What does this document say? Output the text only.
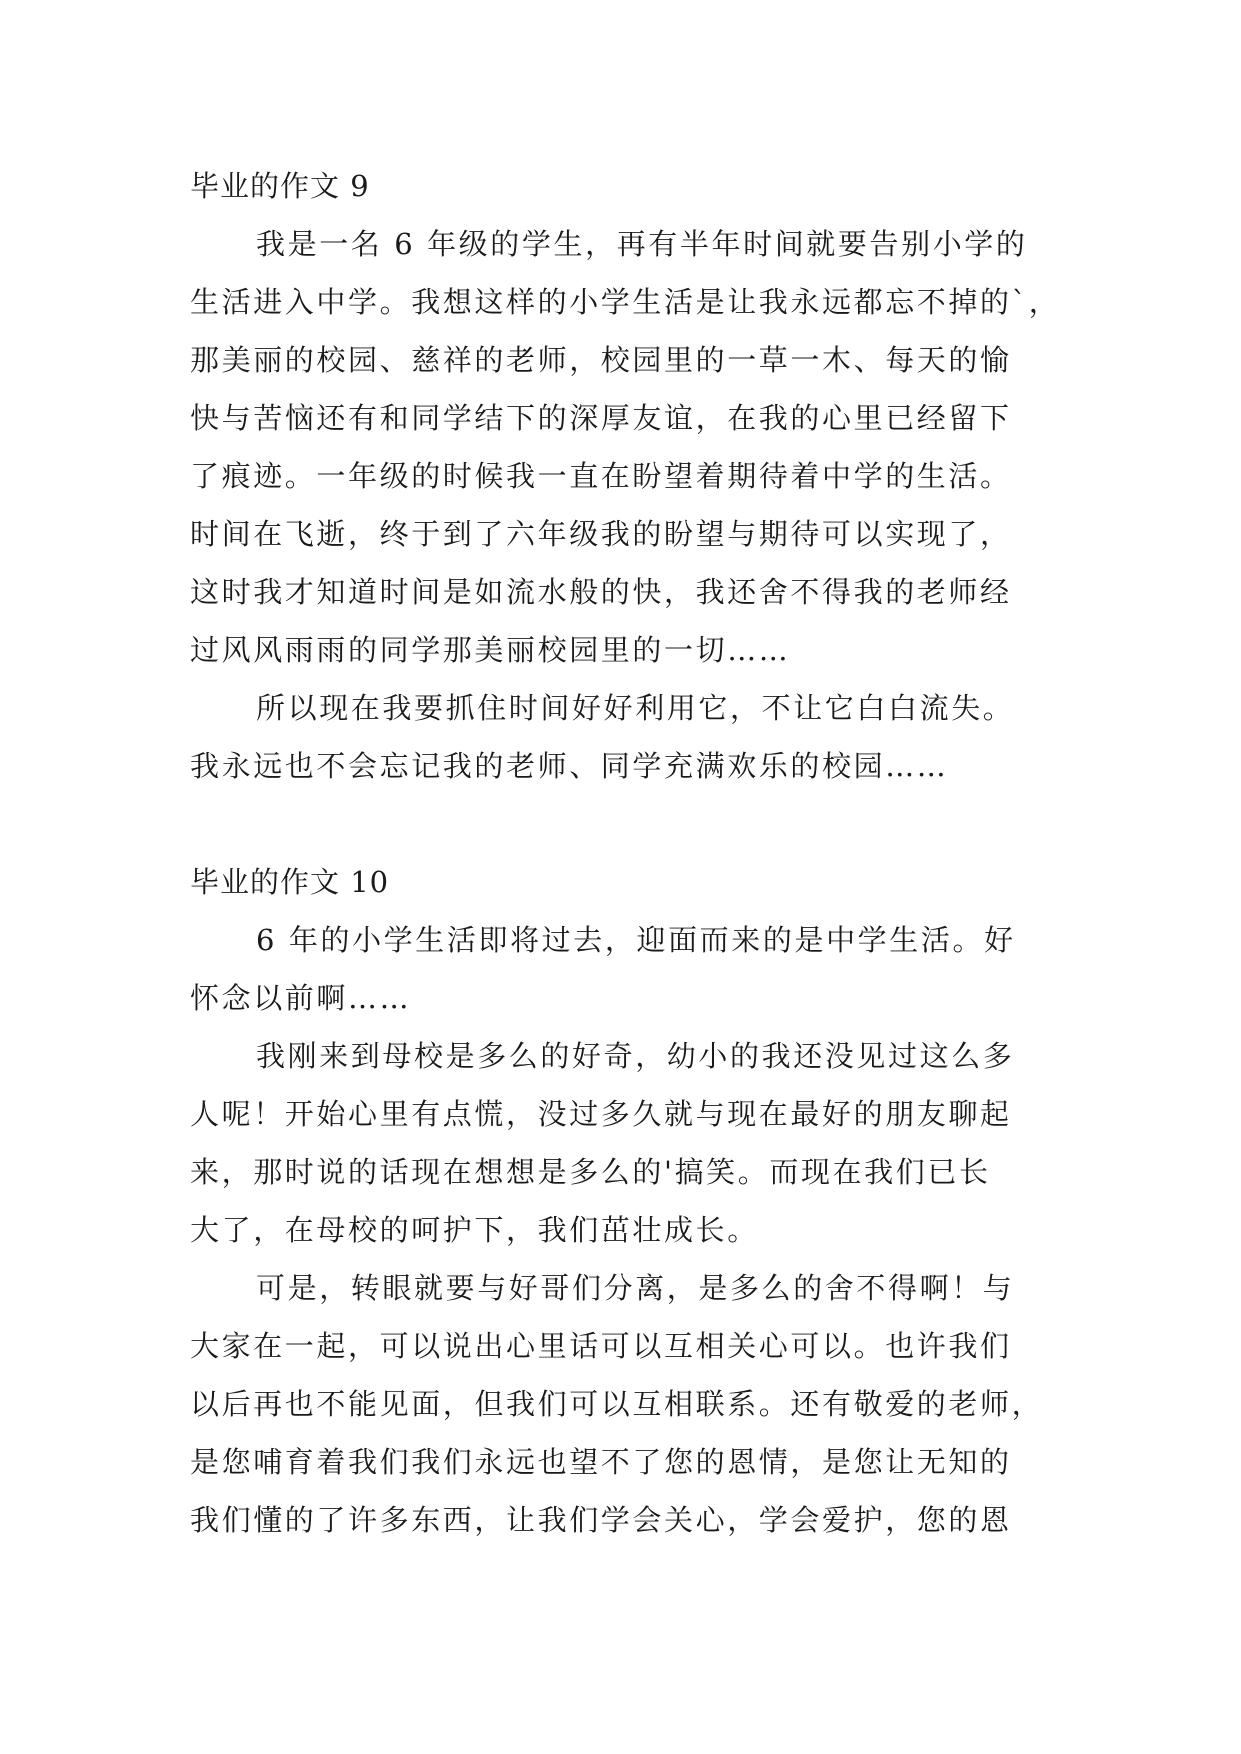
毕业的作文 9
我是一名 6 年级的学生，再有半年时间就要告别小学的
生活进入中学。我想这样的小学生活是让我永远都忘不掉的`，
那美丽的校园、慈祥的老师，校园里的一草一木、每天的愉
快与苦恼还有和同学结下的深厚友谊，在我的心里已经留下
了痕迹。一年级的时候我一直在盼望着期待着中学的生活。
时间在飞逝，终于到了六年级我的盼望与期待可以实现了，
这时我才知道时间是如流水般的快，我还舍不得我的老师经
过风风雨雨的同学那美丽校园里的一切……
所以现在我要抓住时间好好利用它，不让它白白流失。
我永远也不会忘记我的老师、同学充满欢乐的校园……
毕业的作文 10
6 年的小学生活即将过去，迎面而来的是中学生活。好
怀念以前啊……
我刚来到母校是多么的好奇，幼小的我还没见过这么多
人呢！开始心里有点慌，没过多久就与现在最好的朋友聊起
来，那时说的话现在想想是多么的'搞笑。而现在我们已长
大了，在母校的呵护下，我们茁壮成长。
可是，转眼就要与好哥们分离，是多么的舍不得啊！与
大家在一起，可以说出心里话可以互相关心可以。也许我们
以后再也不能见面，但我们可以互相联系。还有敬爱的老师，
是您哺育着我们我们永远也望不了您的恩情，是您让无知的
我们懂的了许多东西，让我们学会关心，学会爱护，您的恩
